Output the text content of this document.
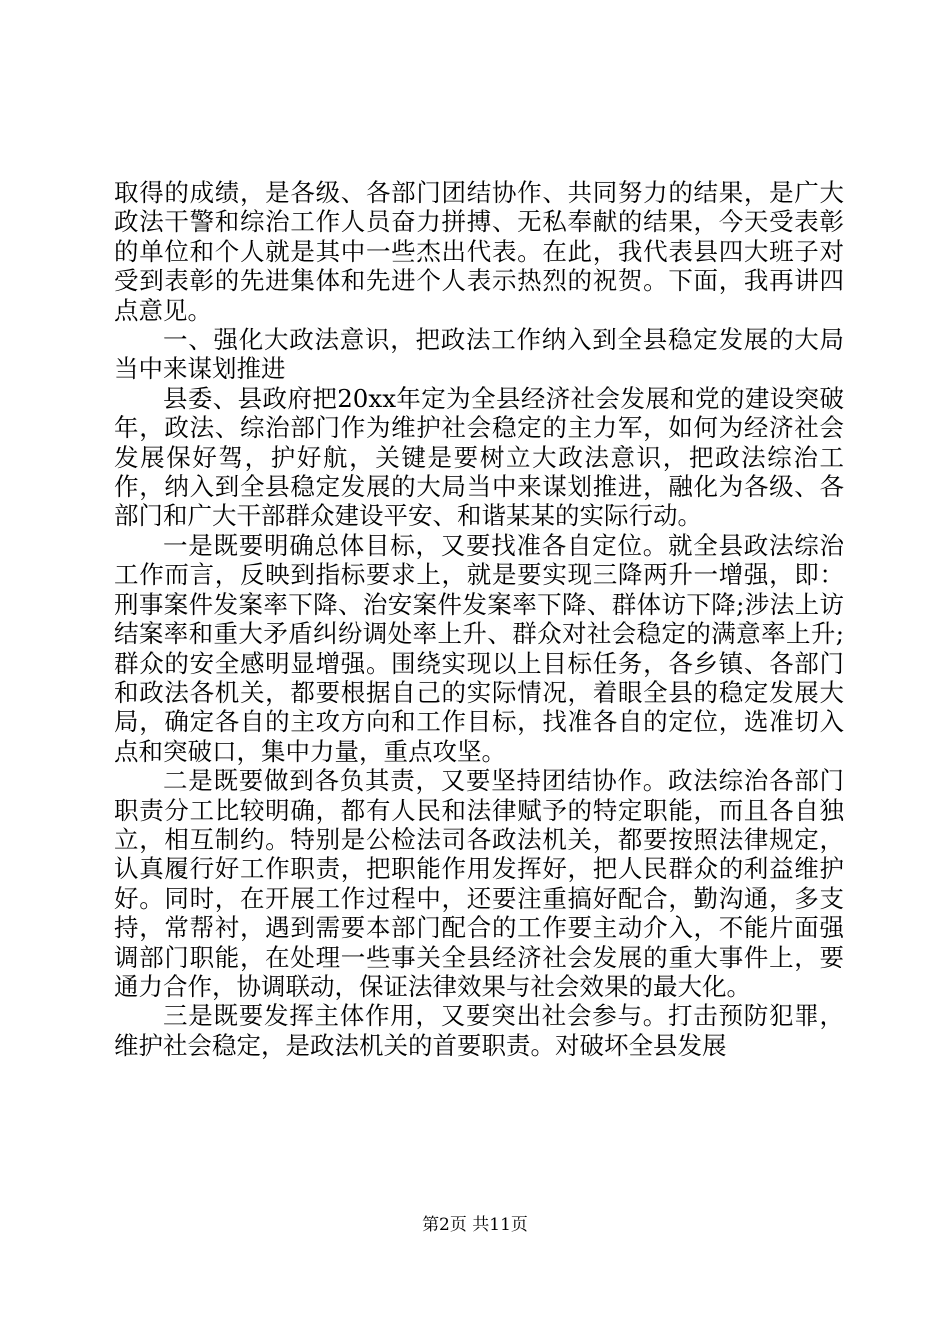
取得的成绩，是各级、各部门团结协作、共同努力的结果，是广大政法干警和综治工作人员奋力拼搏、无私奉献的结果，今天受表彰的单位和个人就是其中一些杰出代表。在此，我代表县四大班子对受到表彰的先进集体和先进个人表示热烈的祝贺。下面，我再讲四点意见。

一、强化大政法意识，把政法工作纳入到全县稳定发展的大局当中来谋划推进

县委、县政府把20xx年定为全县经济社会发展和党的建设突破年，政法、综治部门作为维护社会稳定的主力军，如何为经济社会发展保好驾，护好航，关键是要树立大政法意识，把政法综治工作，纳入到全县稳定发展的大局当中来谋划推进，融化为各级、各部门和广大干部群众建设平安、和谐某某的实际行动。

一是既要明确总体目标，又要找准各自定位。就全县政法综治工作而言，反映到指标要求上，就是要实现三降两升一增强，即：刑事案件发案率下降、治安案件发案率下降、群体访下降;涉法上访结案率和重大矛盾纠纷调处率上升、群众对社会稳定的满意率上升;群众的安全感明显增强。围绕实现以上目标任务，各乡镇、各部门和政法各机关，都要根据自己的实际情况，着眼全县的稳定发展大局，确定各自的主攻方向和工作目标，找准各自的定位，选准切入点和突破口，集中力量，重点攻坚。

二是既要做到各负其责，又要坚持团结协作。政法综治各部门职责分工比较明确，都有人民和法律赋予的特定职能，而且各自独立，相互制约。特别是公检法司各政法机关，都要按照法律规定，认真履行好工作职责，把职能作用发挥好，把人民群众的利益维护好。同时，在开展工作过程中，还要注重搞好配合，勤沟通，多支持，常帮衬，遇到需要本部门配合的工作要主动介入，不能片面强调部门职能，在处理一些事关全县经济社会发展的重大事件上，要通力合作，协调联动，保证法律效果与社会效果的最大化。

三是既要发挥主体作用，又要突出社会参与。打击预防犯罪，维护社会稳定，是政法机关的首要职责。对破坏全县发展

第2页 共11页
